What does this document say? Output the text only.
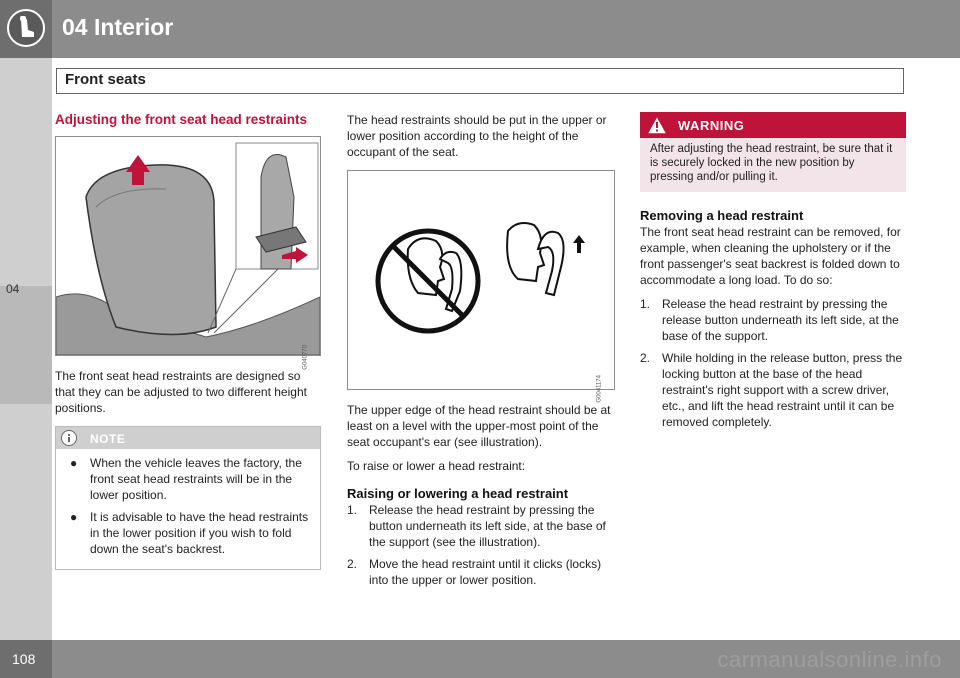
04 Interior
04
Front seats
Adjusting the front seat head restraints
G040770

The front seat head restraints are designed so that they can be adjusted to two different height positions.

NOTE
● When the vehicle leaves the factory, the front seat head restraints will be in the lower position.
● It is advisable to have the head restraints in the lower position if you wish to fold down the seat's backrest.

The head restraints should be put in the upper or lower position according to the height of the occupant of the seat.

G0041174

The upper edge of the head restraint should be at least on a level with the upper-most point of the seat occupant's ear (see illustration).

To raise or lower a head restraint:

Raising or lowering a head restraint
1. Release the head restraint by pressing the button underneath its left side, at the base of the support (see the illustration).
2. Move the head restraint until it clicks (locks) into the upper or lower position.
WARNING
After adjusting the head restraint, be sure that it is securely locked in the new position by pressing and/or pulling it.
Removing a head restraint

The front seat head restraint can be removed, for example, when cleaning the upholstery or if the front passenger's seat backrest is folded down to accommodate a long load. To do so:

1. Release the head restraint by pressing the release button underneath its left side, at the base of the support.
2. While holding in the release button, press the locking button at the base of the head restraint's right support with a screw driver, etc., and lift the head restraint until it can be removed completely.
108	carmanualsonline.info
